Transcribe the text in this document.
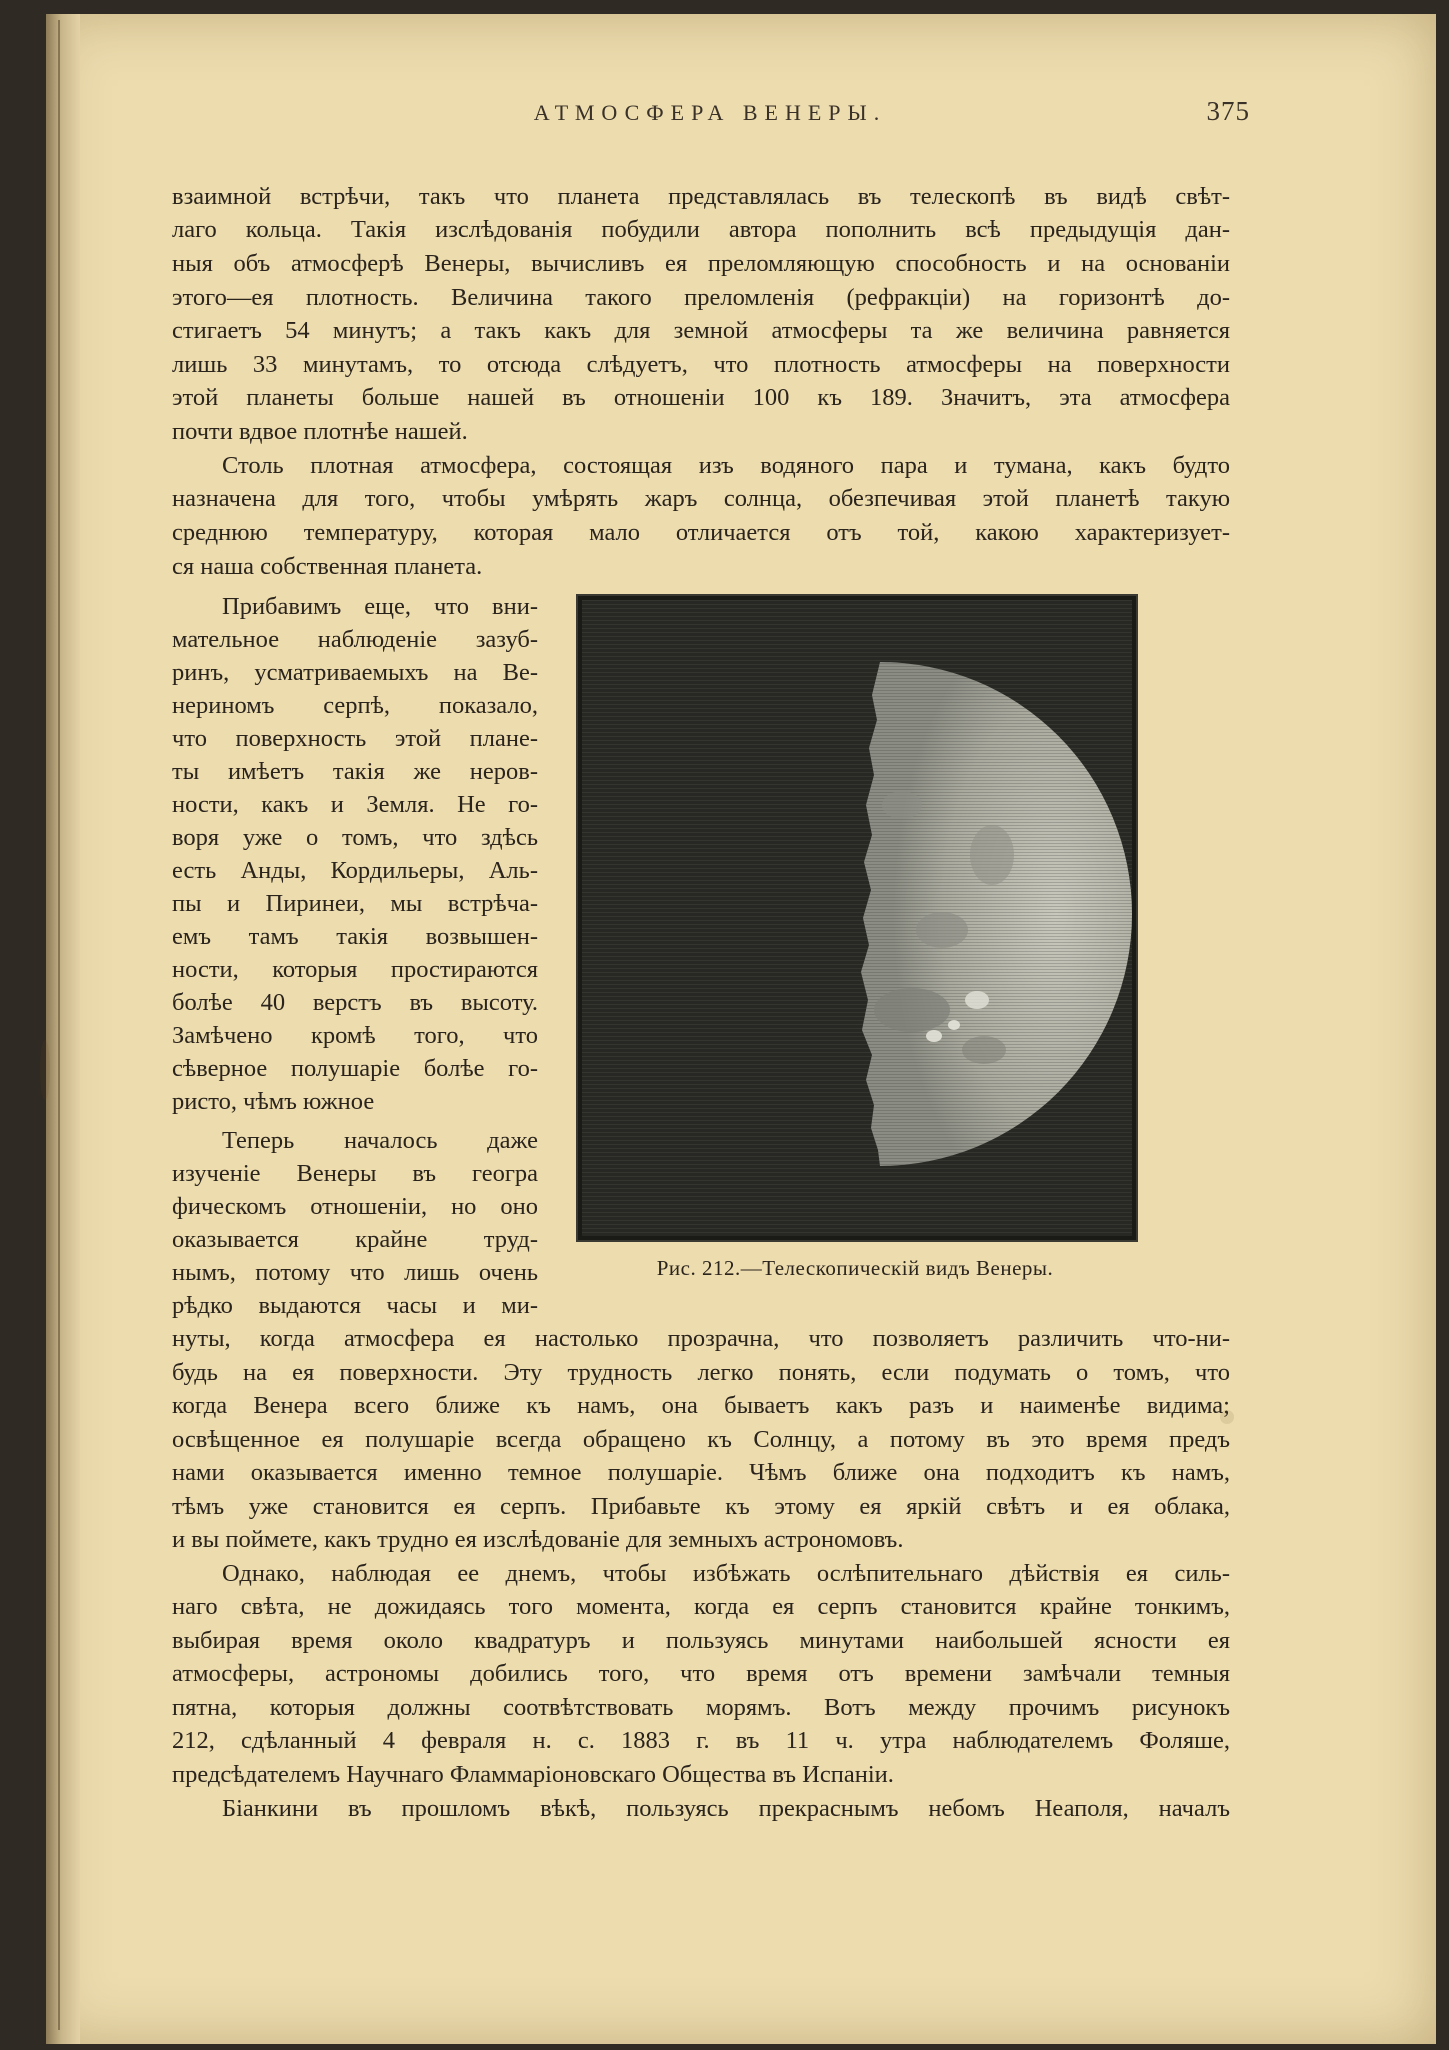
АТМОСФЕРА ВЕНЕРЫ.	375

взаимной встрѣчи, такъ что планета представлялась въ телескопѣ въ видѣ свѣт-

лаго кольца. Такія изслѣдованія побудили автора пополнить всѣ предыдущія дан-

ныя объ атмосферѣ Венеры, вычисливъ ея преломляющую способность и на основаніи

этого—ея плотность. Величина такого преломленія (рефракціи) на горизонтѣ до-

стигаетъ 54 минутъ; а такъ какъ для земной атмосферы та же величина равняется

лишь 33 минутамъ, то отсюда слѣдуетъ, что плотность атмосферы на поверхности

этой планеты больше нашей въ отношеніи 100 къ 189. Значитъ, эта атмосфера

почти вдвое плотнѣе нашей.

Столь плотная атмосфера, состоящая изъ водяного пара и тумана, какъ будто

назначена для того, чтобы умѣрять жаръ солнца, обезпечивая этой планетѣ такую

среднюю температуру, которая мало отличается отъ той, какою характеризует-

ся наша собственная планета.

Прибавимъ еще, что вни-

мательное наблюденіе зазуб-

ринъ, усматриваемыхъ на Ве-

нериномъ серпѣ, показало,

что поверхность этой плане-

ты имѣетъ такія же неров-

ности, какъ и Земля. Не го-

воря уже о томъ, что здѣсь

есть Анды, Кордильеры, Аль-

пы и Пиринеи, мы встрѣча-

емъ тамъ такія возвышен-

ности, которыя простираются

болѣе 40 верстъ въ высоту.

Замѣчено кромѣ того, что

сѣверное полушаріе болѣе го-

ристо, чѣмъ южное

Теперь началось даже

изученіе Венеры въ геогра

фическомъ отношеніи, но оно

оказывается крайне труд-

нымъ, потому что лишь очень

рѣдко выдаются часы и ми-

нуты, когда атмосфера ея настолько прозрачна, что позволяетъ различить что-ни-

будь на ея поверхности. Эту трудность легко понять, если подумать о томъ, что

когда Венера всего ближе къ намъ, она бываетъ какъ разъ и наименѣе видима;

освѣщенное ея полушаріе всегда обращено къ Солнцу, а потому въ это время предъ

нами оказывается именно темное полушаріе. Чѣмъ ближе она подходитъ къ намъ,

тѣмъ уже становится ея серпъ. Прибавьте къ этому ея яркій свѣтъ и ея облака,

и вы поймете, какъ трудно ея изслѣдованіе для земныхъ астрономовъ.

Однако, наблюдая ее днемъ, чтобы избѣжать ослѣпительнаго дѣйствія ея силь-

наго свѣта, не дожидаясь того момента, когда ея серпъ становится крайне тонкимъ,

выбирая время около квадратуръ и пользуясь минутами наибольшей ясности ея

атмосферы, астрономы добились того, что время отъ времени замѣчали темныя

пятна, которыя должны соотвѣтствовать морямъ. Вотъ между прочимъ рисунокъ

212, сдѣланный 4 февраля н. с. 1883 г. въ 11 ч. утра наблюдателемъ Фоляше,

предсѣдателемъ Научнаго Фламмаріоновскаго Общества въ Испаніи.

Біанкини въ прошломъ вѣкѣ, пользуясь прекраснымъ небомъ Неаполя, началъ

Рис. 212.—Телескопическій видъ Венеры.
